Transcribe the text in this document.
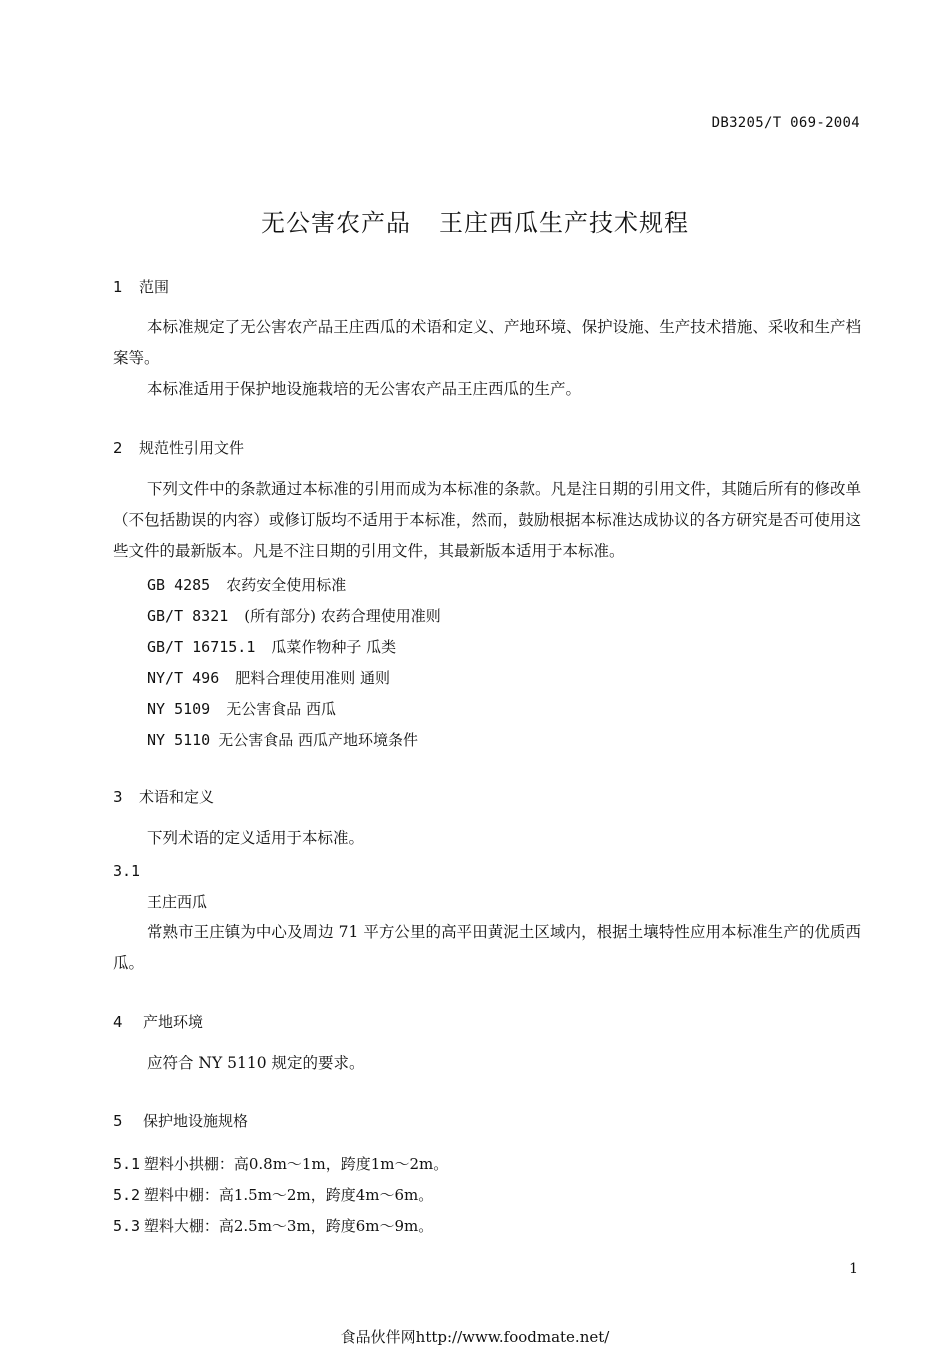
DB3205/T 069-2004
无公害农产品 王庄西瓜生产技术规程
1 范围
本标准规定了无公害农产品王庄西瓜的术语和定义、产地环境、保护设施、生产技术措施、采收和生产档案等。
本标准适用于保护地设施栽培的无公害农产品王庄西瓜的生产。
2 规范性引用文件
下列文件中的条款通过本标准的引用而成为本标准的条款。凡是注日期的引用文件，其随后所有的修改单（不包括勘误的内容）或修订版均不适用于本标准，然而，鼓励根据本标准达成协议的各方研究是否可使用这些文件的最新版本。凡是不注日期的引用文件，其最新版本适用于本标准。
GB 4285 农药安全使用标准
GB/T 8321 (所有部分) 农药合理使用准则
GB/T 16715.1 瓜菜作物种子 瓜类
NY/T 496 肥料合理使用准则 通则
NY 5109 无公害食品 西瓜
NY 5110 无公害食品 西瓜产地环境条件
3 术语和定义
下列术语的定义适用于本标准。
3.1
王庄西瓜
常熟市王庄镇为中心及周边 71 平方公里的高平田黄泥土区域内，根据土壤特性应用本标准生产的优质西瓜。
4 产地环境
应符合 NY 5110 规定的要求。
5 保护地设施规格
5.1 塑料小拱棚：高0.8m～1m，跨度1m～2m。
5.2 塑料中棚：高1.5m～2m，跨度4m～6m。
5.3 塑料大棚：高2.5m～3m，跨度6m～9m。
1
食品伙伴网http://www.foodmate.net/
